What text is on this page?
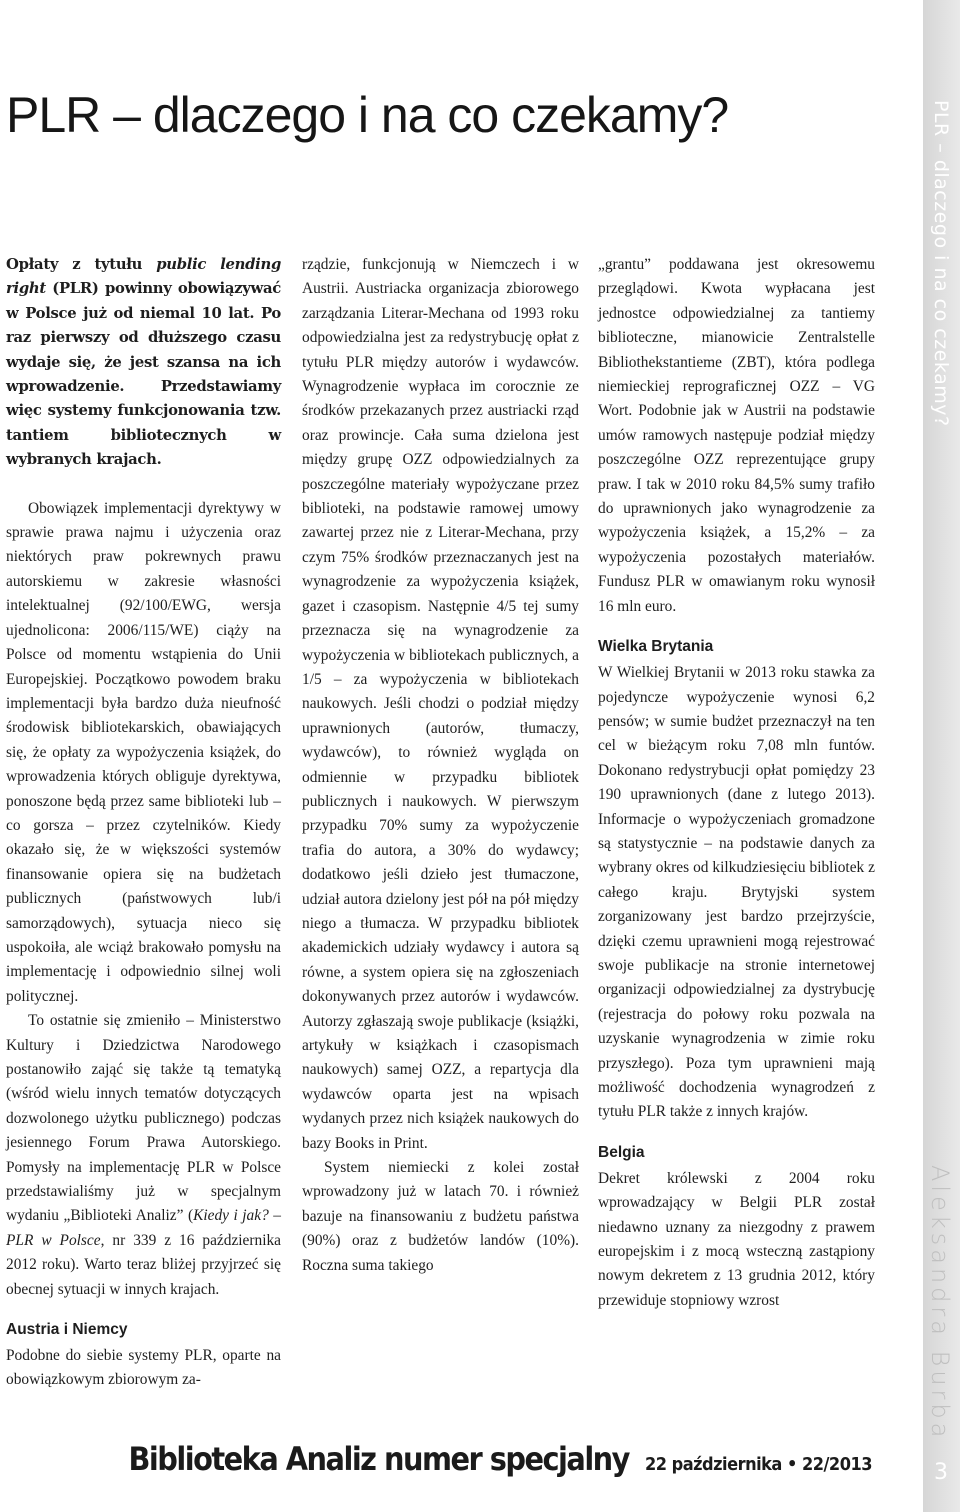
PLR – dlaczego i na co czekamy?

Opłaty z tytułu public lending right (PLR) powinny obowiązywać w Polsce już od niemal 10 lat. Po raz pierwszy od dłuższego czasu wydaje się, że jest szansa na ich wprowadzenie. Przedstawiamy więc systemy funkcjonowania tzw. tantiem bibliotecznych w wybranych krajach.

Obowiązek implementacji dyrektywy w sprawie prawa najmu i użyczenia oraz niektórych praw pokrewnych prawu autorskiemu w zakresie własności intelektualnej (92/100/EWG, wersja ujednolicona: 2006/115/WE) ciąży na Polsce od momentu wstąpienia do Unii Europejskiej. Początkowo powodem braku implementacji była bardzo duża nieufność środowisk bibliotekarskich, obawiających się, że opłaty za wypożyczenia książek, do wprowadzenia których obliguje dyrektywa, ponoszone będą przez same biblioteki lub – co gorsza – przez czytelników. Kiedy okazało się, że w większości systemów finansowanie opiera się na budżetach publicznych (państwowych lub/i samorządowych), sytuacja nieco się uspokoiła, ale wciąż brakowało pomysłu na implementację i odpowiednio silnej woli politycznej.

To ostatnie się zmieniło – Ministerstwo Kultury i Dziedzictwa Narodowego postanowiło zająć się także tą tematyką (wśród wielu innych tematów dotyczących dozwolonego użytku publicznego) podczas jesiennego Forum Prawa Autorskiego. Pomysły na implementację PLR w Polsce przedstawialiśmy już w specjalnym wydaniu „Biblioteki Analiz” (Kiedy i jak? – PLR w Polsce, nr 339 z 16 października 2012 roku). Warto teraz bliżej przyjrzeć się obecnej sytuacji w innych krajach.

Austria i Niemcy

Podobne do siebie systemy PLR, oparte na obowiązkowym zbiorowym za-

rządzie, funkcjonują w Niemczech i w Austrii. Austriacka organizacja zbiorowego zarządzania Literar-Mechana od 1993 roku odpowiedzialna jest za redystrybucję opłat z tytułu PLR między autorów i wydawców. Wynagrodzenie wypłaca im corocznie ze środków przekazanych przez austriacki rząd oraz prowincje. Cała suma dzielona jest między grupę OZZ odpowiedzialnych za poszczególne materiały wypożyczane przez biblioteki, na podstawie ramowej umowy zawartej przez nie z Literar-Mechana, przy czym 75% środków przeznaczanych jest na wynagrodzenie za wypożyczenia książek, gazet i czasopism. Następnie 4/5 tej sumy przeznacza się na wynagrodzenie za wypożyczenia w bibliotekach publicznych, a 1/5 – za wypożyczenia w bibliotekach naukowych. Jeśli chodzi o podział między uprawnionych (autorów, tłumaczy, wydawców), to również wygląda on odmiennie w przypadku bibliotek publicznych i naukowych. W pierwszym przypadku 70% sumy za wypożyczenie trafia do autora, a 30% do wydawcy; dodatkowo jeśli dzieło jest tłumaczone, udział autora dzielony jest pół na pół między niego a tłumacza. W przypadku bibliotek akademickich udziały wydawcy i autora są równe, a system opiera się na zgłoszeniach dokonywanych przez autorów i wydawców. Autorzy zgłaszają swoje publikacje (książki, artykuły w książkach i czasopismach naukowych) samej OZZ, a repartycja dla wydawców oparta jest na wpisach wydanych przez nich książek naukowych do bazy Books in Print.

System niemiecki z kolei został wprowadzony już w latach 70. i również bazuje na finansowaniu z budżetu państwa (90%) oraz z budżetów landów (10%). Roczna suma takiego

„grantu” poddawana jest okresowemu przeglądowi. Kwota wypłacana jest jednostce odpowiedzialnej za tantiemy biblioteczne, mianowicie Zentralstelle Bibliothekstantieme (ZBT), która podlega niemieckiej reprograficznej OZZ – VG Wort. Podobnie jak w Austrii na podstawie umów ramowych następuje podział między poszczególne OZZ reprezentujące grupy praw. I tak w 2010 roku 84,5% sumy trafiło do uprawnionych jako wynagrodzenie za wypożyczenia książek, a 15,2% – za wypożyczenia pozostałych materiałów. Fundusz PLR w omawianym roku wynosił 16 mln euro.

Wielka Brytania

W Wielkiej Brytanii w 2013 roku stawka za pojedyncze wypożyczenie wynosi 6,2 pensów; w sumie budżet przeznaczył na ten cel w bieżącym roku 7,08 mln funtów. Dokonano redystrybucji opłat pomiędzy 23 190 uprawnionych (dane z lutego 2013). Informacje o wypożyczeniach gromadzone są statystycznie – na podstawie danych za wybrany okres od kilkudziesięciu bibliotek z całego kraju. Brytyjski system zorganizowany jest bardzo przejrzyście, dzięki czemu uprawnieni mogą rejestrować swoje publikacje na stronie internetowej organizacji odpowiedzialnej za dystrybucję (rejestracja do połowy roku pozwala na uzyskanie wynagrodzenia w zimie roku przyszłego). Poza tym uprawnieni mają możliwość dochodzenia wynagrodzeń z tytułu PLR także z innych krajów.

Belgia

Dekret królewski z 2004 roku wprowadzający w Belgii PLR został niedawno uznany za niezgodny z prawem europejskim i z mocą wsteczną zastąpiony nowym dekretem z 13 grudnia 2012, który przewiduje stopniowy wzrost

PLR – dlaczego i na co czekamy?
Aleksandra Burba
3
Biblioteka Analiz numer specjalny 22 października • 22/2013
